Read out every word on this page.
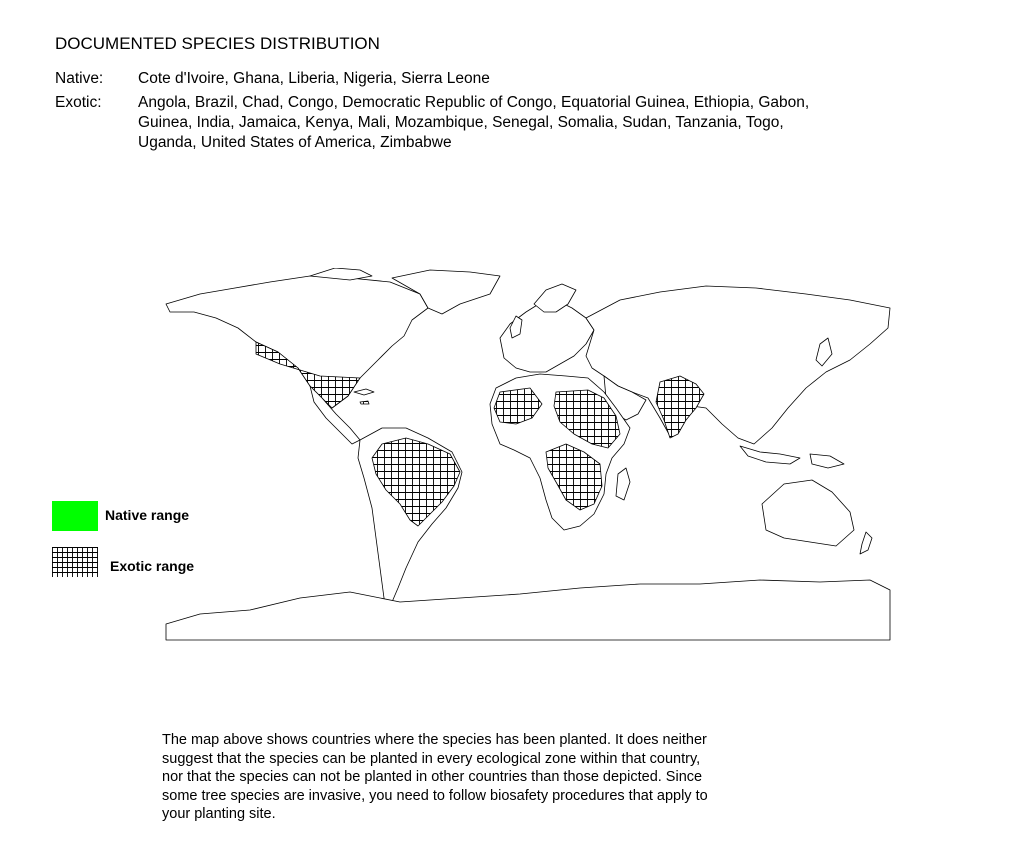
DOCUMENTED SPECIES DISTRIBUTION
Native: Cote d'Ivoire, Ghana, Liberia, Nigeria, Sierra Leone
Exotic: Angola, Brazil, Chad, Congo, Democratic Republic of Congo, Equatorial Guinea, Ethiopia, Gabon,
Guinea, India, Jamaica, Kenya, Mali, Mozambique, Senegal, Somalia, Sudan, Tanzania, Togo,
Uganda, United States of America, Zimbabwe
Native range
Exotic range
The map above shows countries where the species has been planted. It does neither
suggest that the species can be planted in every ecological zone within that country,
nor that the species can not be planted in other countries than those depicted. Since
some tree species are invasive, you need to follow biosafety procedures that apply to
your planting site.
